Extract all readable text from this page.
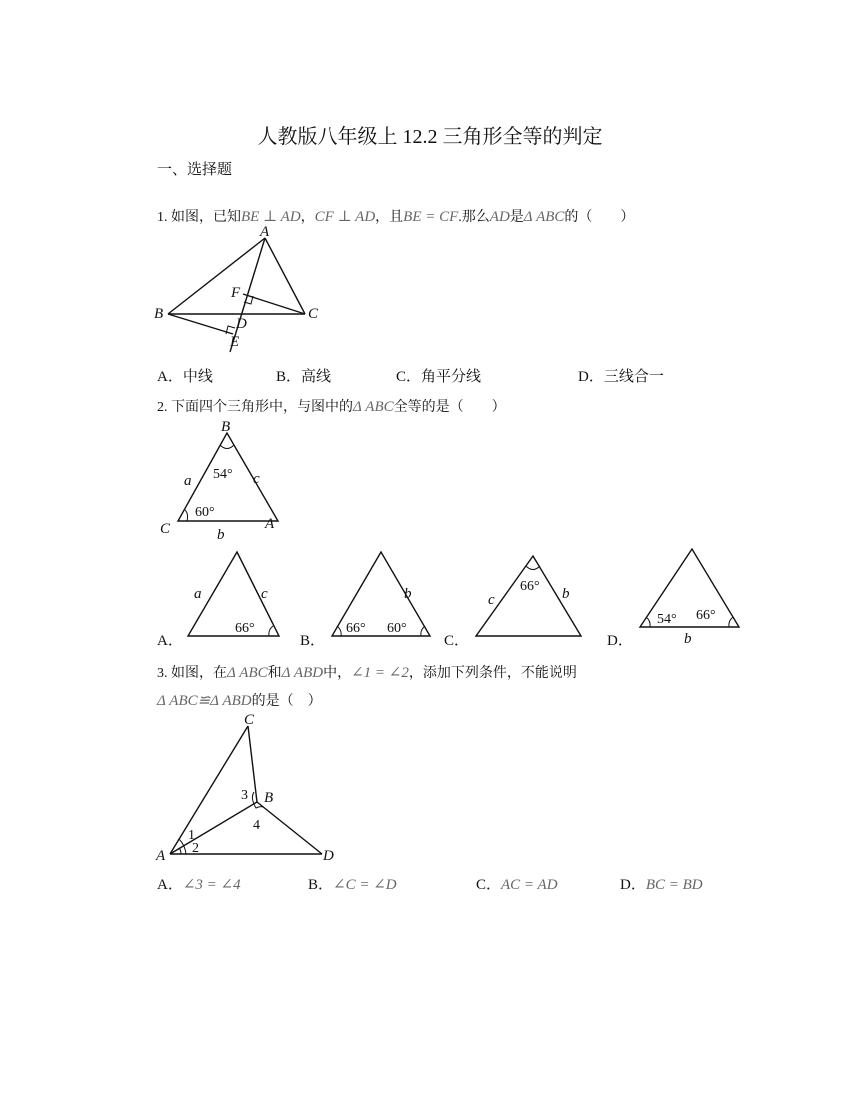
人教版八年级上 12.2 三角形全等的判定
一、选择题
1. 如图，已知BE ⊥ AD，CF ⊥ AD，且BE = CF.那么AD是Δ ABC的（　　）
A
B	C
D
E
F
A．中线	B．高线	C．角平分线	D．三线合一
2. 下面四个三角形中，与图中的Δ ABC全等的是（　　）
B
C	A
a	c
b
54°
60°
A．
a	c
66°
B．
b
66° 60°
C．
c	b
66°
D．
54° 66°
b
3. 如图，在Δ ABC和Δ ABD中，∠1 = ∠2，添加下列条件，不能说明
Δ ABC≌Δ ABD的是（　）
C
B
A	D
1
2
3
4
A．∠3 = ∠4	B．∠C = ∠D	C．AC = AD	D．BC = BD
